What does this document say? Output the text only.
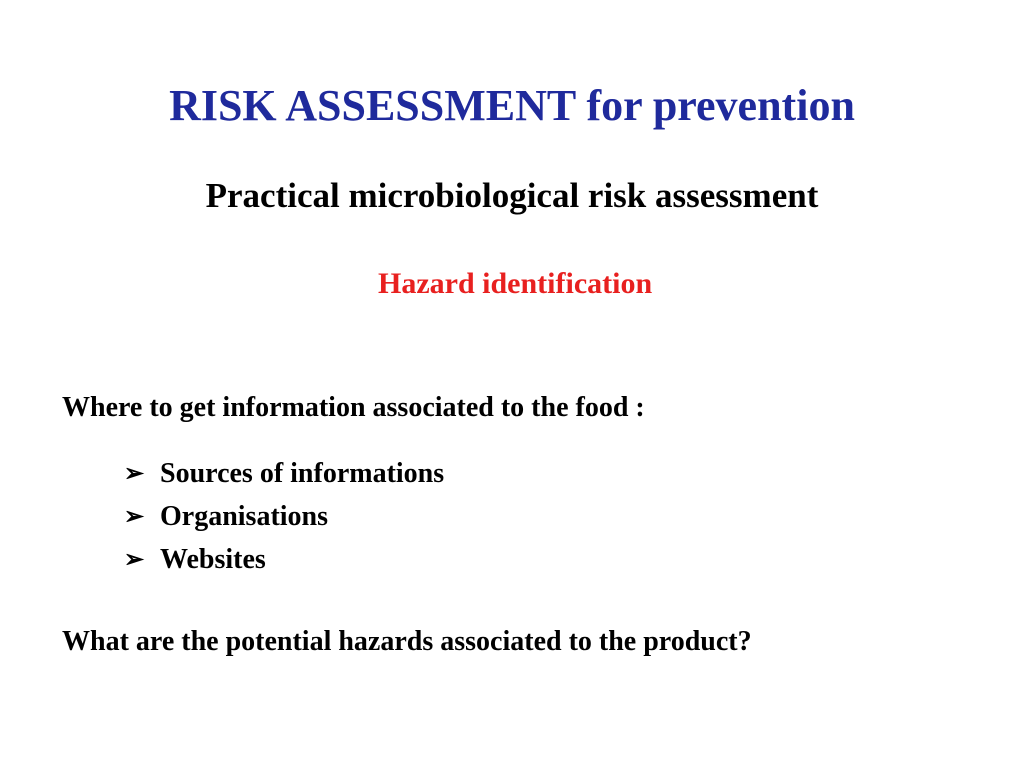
RISK ASSESSMENT for prevention
Practical microbiological risk assessment
Hazard identification

Where to get information associated to the food :

➢ Sources of informations
➢ Organisations
➢ Websites

What are the potential hazards associated to the product?
